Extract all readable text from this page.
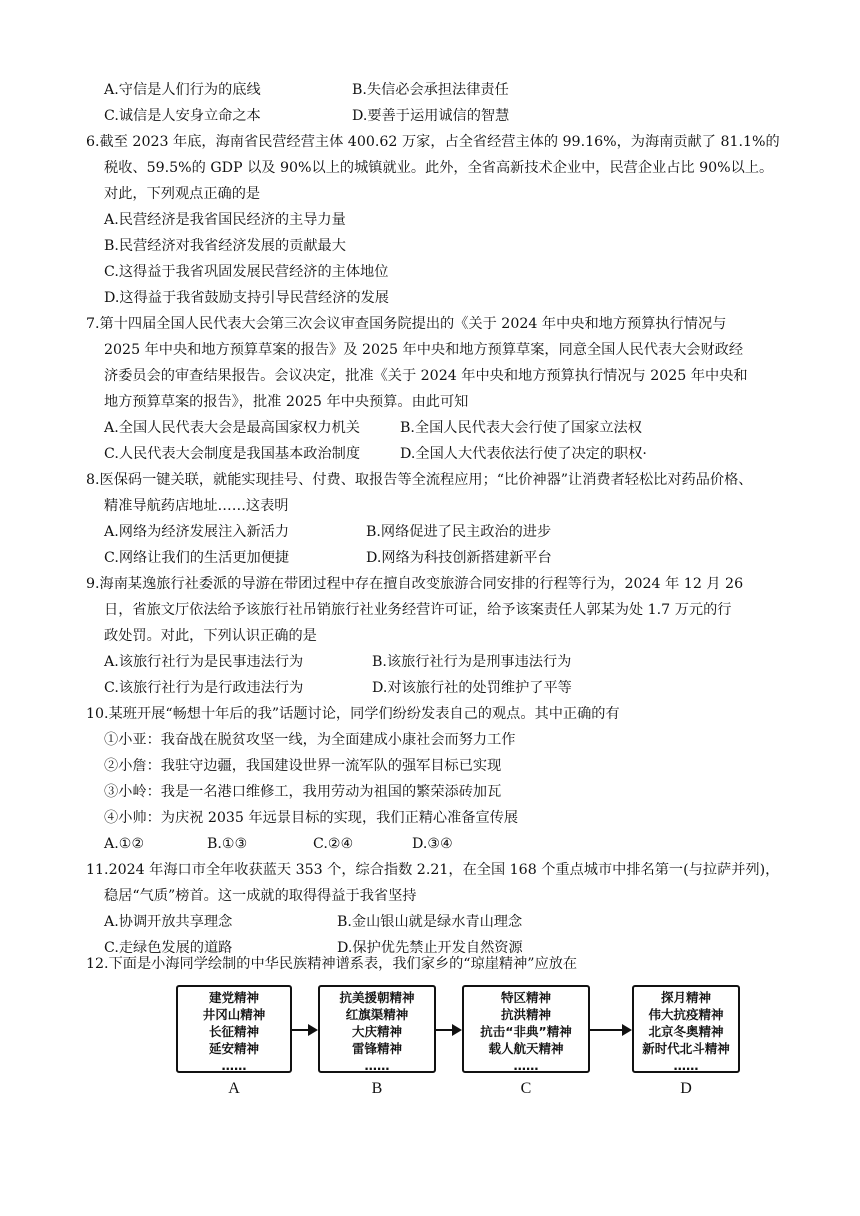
A.守信是人们行为的底线	B.失信必会承担法律责任
C.诚信是人安身立命之本	D.要善于运用诚信的智慧
6.截至 2023 年底，海南省民营经营主体 400.62 万家，占全省经营主体的 99.16%，为海南贡献了 81.1%的
税收、59.5%的 GDP 以及 90%以上的城镇就业。此外，全省高新技术企业中，民营企业占比 90%以上。
对此，下列观点正确的是
A.民营经济是我省国民经济的主导力量
B.民营经济对我省经济发展的贡献最大
C.这得益于我省巩固发展民营经济的主体地位
D.这得益于我省鼓励支持引导民营经济的发展
7.第十四届全国人民代表大会第三次会议审查国务院提出的《关于 2024 年中央和地方预算执行情况与
2025 年中央和地方预算草案的报告》及 2025 年中央和地方预算草案，同意全国人民代表大会财政经
济委员会的审查结果报告。会议决定，批准《关于 2024 年中央和地方预算执行情况与 2025 年中央和
地方预算草案的报告》，批准 2025 年中央预算。由此可知
A.全国人民代表大会是最高国家权力机关	B.全国人民代表大会行使了国家立法权
C.人民代表大会制度是我国基本政治制度	D.全国人大代表依法行使了决定的职权·
8.医保码一键关联，就能实现挂号、付费、取报告等全流程应用；“比价神器”让消费者轻松比对药品价格、
精准导航药店地址……这表明
A.网络为经济发展注入新活力	B.网络促进了民主政治的进步
C.网络让我们的生活更加便捷	D.网络为科技创新搭建新平台
9.海南某逸旅行社委派的导游在带团过程中存在擅自改变旅游合同安排的行程等行为，2024 年 12 月 26
日，省旅文厅依法给予该旅行社吊销旅行社业务经营许可证，给予该案责任人郭某为处 1.7 万元的行
政处罚。对此，下列认识正确的是
A.该旅行社行为是民事违法行为	B.该旅行社行为是刑事违法行为
C.该旅行社行为是行政违法行为	D.对该旅行社的处罚维护了平等
10.某班开展“畅想十年后的我”话题讨论，同学们纷纷发表自己的观点。其中正确的有
①小亚：我奋战在脱贫攻坚一线，为全面建成小康社会而努力工作
②小詹：我驻守边疆，我国建设世界一流军队的强军目标已实现
③小岭：我是一名港口维修工，我用劳动为祖国的繁荣添砖加瓦
④小帅：为庆祝 2035 年远景目标的实现，我们正精心准备宣传展
A.①②	B.①③	C.②④	D.③④
11.2024 年海口市全年收获蓝天 353 个，综合指数 2.21，在全国 168 个重点城市中排名第一(与拉萨并列)，
稳居“气质”榜首。这一成就的取得得益于我省坚持
A.协调开放共享理念	B.金山银山就是绿水青山理念
C.走绿色发展的道路	D.保护优先禁止开发自然资源
12.下面是小海同学绘制的中华民族精神谱系表，我们家乡的“琼崖精神”应放在
建党精神
井冈山精神
长征精神
延安精神
……
抗美援朝精神
红旗渠精神
大庆精神
雷锋精神
……
特区精神
抗洪精神
抗击“非典”精神
载人航天精神
……
探月精神
伟大抗疫精神
北京冬奥精神
新时代北斗精神
……
A	B	C	D
